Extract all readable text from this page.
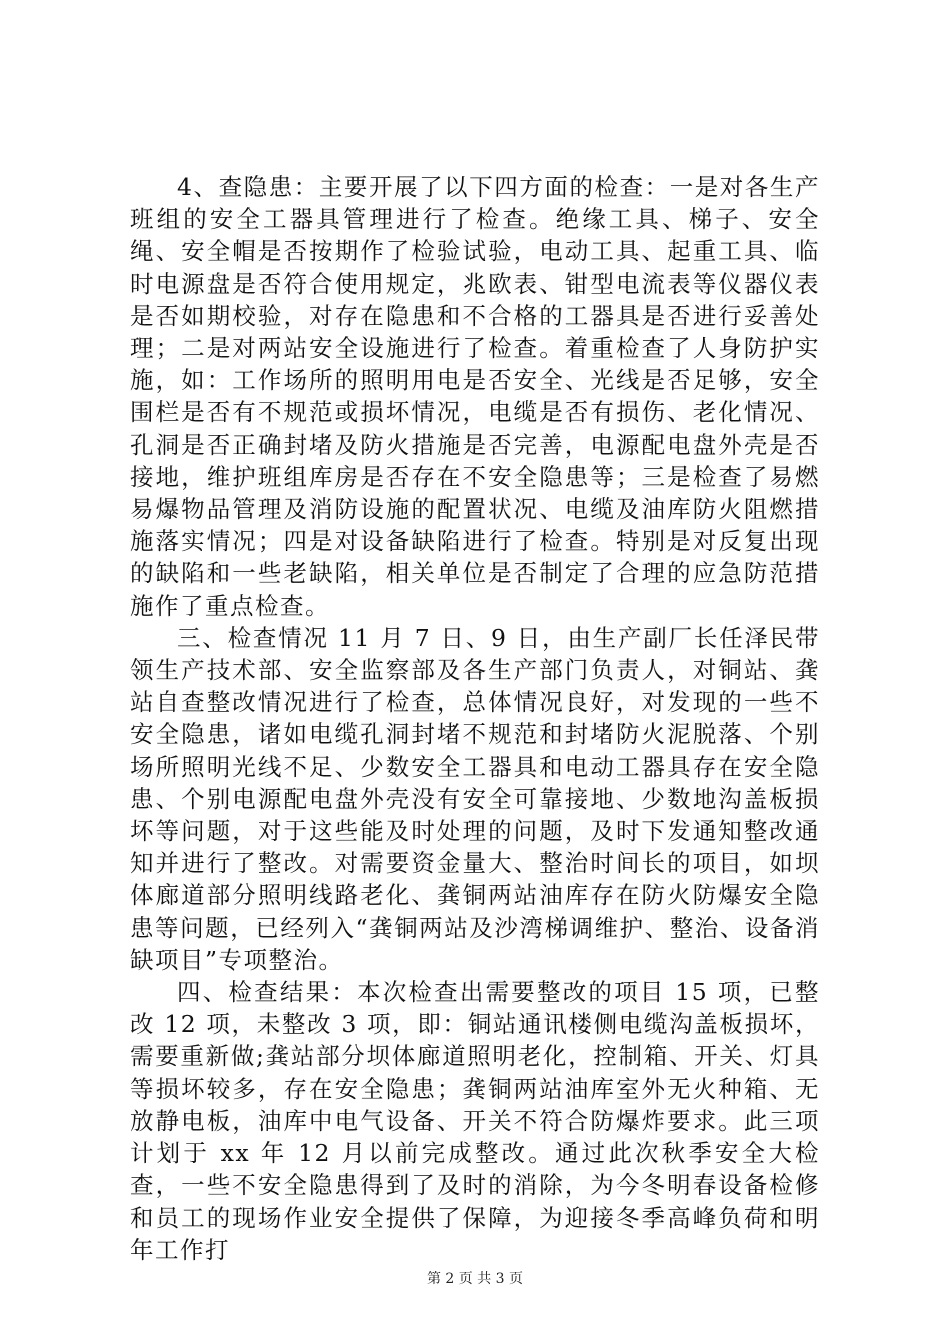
4、查隐患：主要开展了以下四方面的检查：一是对各生产班组的安全工器具管理进行了检查。绝缘工具、梯子、安全绳、安全帽是否按期作了检验试验，电动工具、起重工具、临时电源盘是否符合使用规定，兆欧表、钳型电流表等仪器仪表是否如期校验，对存在隐患和不合格的工器具是否进行妥善处理；二是对两站安全设施进行了检查。着重检查了人身防护实施，如：工作场所的照明用电是否安全、光线是否足够，安全围栏是否有不规范或损坏情况，电缆是否有损伤、老化情况、孔洞是否正确封堵及防火措施是否完善，电源配电盘外壳是否接地，维护班组库房是否存在不安全隐患等；三是检查了易燃易爆物品管理及消防设施的配置状况、电缆及油库防火阻燃措施落实情况；四是对设备缺陷进行了检查。特别是对反复出现的缺陷和一些老缺陷，相关单位是否制定了合理的应急防范措施作了重点检查。

三、检查情况 11 月 7 日、9 日，由生产副厂长任泽民带领生产技术部、安全监察部及各生产部门负责人，对铜站、龚站自查整改情况进行了检查，总体情况良好，对发现的一些不安全隐患，诸如电缆孔洞封堵不规范和封堵防火泥脱落、个别场所照明光线不足、少数安全工器具和电动工器具存在安全隐患、个别电源配电盘外壳没有安全可靠接地、少数地沟盖板损坏等问题，对于这些能及时处理的问题，及时下发通知整改通知并进行了整改。对需要资金量大、整治时间长的项目，如坝体廊道部分照明线路老化、龚铜两站油库存在防火防爆安全隐患等问题，已经列入“龚铜两站及沙湾梯调维护、整治、设备消缺项目”专项整治。

四、检查结果：本次检查出需要整改的项目 15 项，已整改 12 项，未整改 3 项，即：铜站通讯楼侧电缆沟盖板损坏，需要重新做;龚站部分坝体廊道照明老化，控制箱、开关、灯具等损坏较多，存在安全隐患；龚铜两站油库室外无火种箱、无放静电板，油库中电气设备、开关不符合防爆炸要求。此三项计划于 xx 年 12 月以前完成整改。通过此次秋季安全大检查，一些不安全隐患得到了及时的消除，为今冬明春设备检修和员工的现场作业安全提供了保障，为迎接冬季高峰负荷和明年工作打

第 2 页 共 3 页
